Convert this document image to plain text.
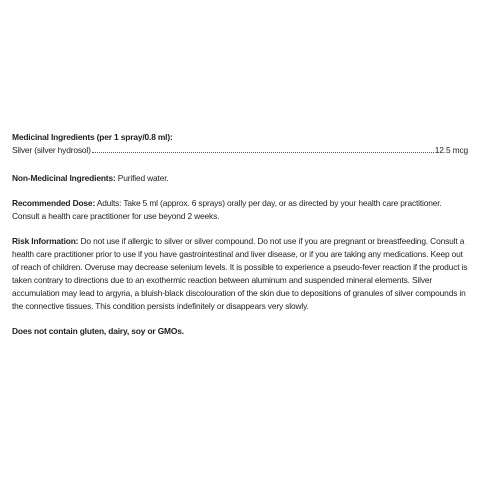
Medicinal Ingredients (per 1 spray/0.8 ml):
Silver (silver hydrosol)	12.5 mcg

Non-Medicinal Ingredients: Purified water.

Recommended Dose: Adults: Take 5 ml (approx. 6 sprays) orally per day, or as directed by your health care practitioner. Consult a health care practitioner for use beyond 2 weeks.

Risk Information: Do not use if allergic to silver or silver compound. Do not use if you are pregnant or breastfeeding. Consult a health care practitioner prior to use if you have gastrointestinal and liver disease, or if you are taking any medications. Keep out of reach of children. Overuse may decrease selenium levels. It is possible to experience a pseudo-fever reaction if the product is taken contrary to directions due to an exothermic reaction between aluminum and suspended mineral elements. Silver accumulation may lead to argyria, a bluish-black discolouration of the skin due to depositions of granules of silver compounds in the connective tissues. This condition persists indefinitely or disappears very slowly.

Does not contain gluten, dairy, soy or GMOs.
